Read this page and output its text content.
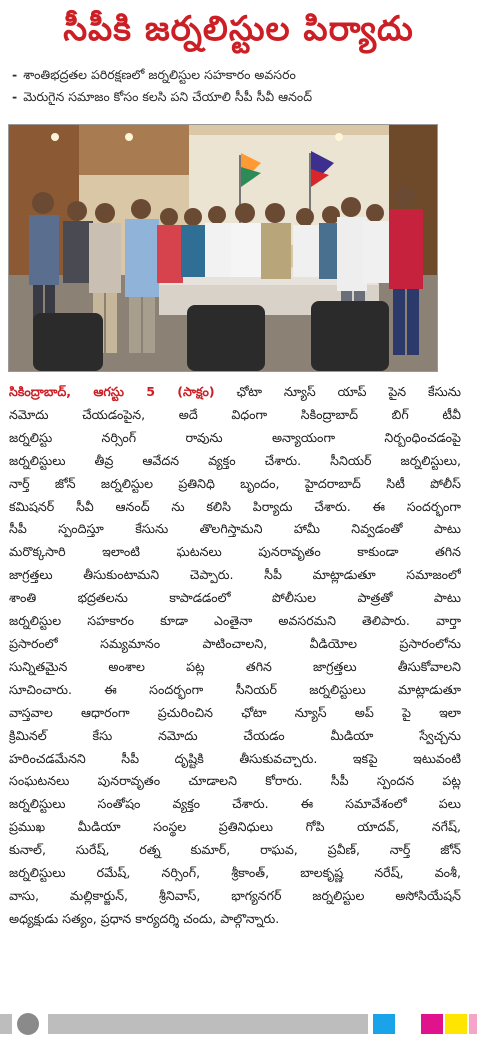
సీపీకి జర్నలిస్టుల పిర్యాదు
- శాంతిభద్రతల పరిరక్షణలో జర్నలిస్టుల సహకారం అవసరం
- మెరుగైన సమాజం కోసం కలసి పని చేయాలి సీపీ సీవీ ఆనంద్

సికింద్రాబాద్, ఆగస్టు 5 (సాక్షం) ఛోటా న్యూస్ యాప్ పైన కేసును

నమోదు చేయడంపైన, అదే విధంగా సికింద్రాబాద్ బిగ్ టీవీ

జర్నలిస్టు నర్సింగ్ రావును అన్యాయంగా నిర్బంధించడంపై

జర్నలిస్టులు తీవ్ర ఆవేదన వ్యక్తం చేశారు. సీనియర్ జర్నలిస్టులు,

నార్త్ జోన్ జర్నలిస్టుల ప్రతినిధి బృందం, హైదరాబాద్ సిటీ పోలీస్

కమిషనర్ సీవీ ఆనంద్ ను కలిసి పిర్యాదు చేశారు. ఈ సందర్భంగా

సీపీ స్పందిస్తూ కేసును తొలగిస్తామని హామీ నివ్వడంతో పాటు

మరొక్కసారి ఇలాంటి ఘటనలు పునరావృతం కాకుండా తగిన

జాగ్రత్తలు తీసుకుంటామని చెప్పారు. సీపీ మాట్లాడుతూ సమాజంలో

శాంతి భద్రతలను కాపాడడంలో పోలీసుల పాత్రతో పాటు

జర్నలిస్టుల సహకారం కూడా ఎంతైనా అవసరమని తెలిపారు. వార్తా

ప్రసారంలో సమ్యమానం పాటించాలని, వీడియోల ప్రసారంలోను

సున్నితమైన అంశాల పట్ల తగిన జాగ్రత్తలు తీసుకోవాలని

సూచించారు. ఈ సందర్భంగా సీనియర్ జర్నలిస్టులు మాట్లాడుతూ

వాస్తవాల ఆధారంగా ప్రచురించిన ఛోటా న్యూస్ అప్ పై ఇలా

క్రిమినల్ కేసు నమోదు చేయడం మీడియా స్వేచ్చను

హరించడమేనని సీపీ దృష్టికి తీసుకువచ్చారు. ఇకపై ఇటువంటి

సంఘటనలు పునరావృతం చూడాలని కోరారు. సీపీ స్పందన పట్ల

జర్నలిస్టులు సంతోషం వ్యక్తం చేశారు. ఈ సమావేశంలో పలు

ప్రముఖ మీడియా సంస్థల ప్రతినిధులు గోపి యాదవ్, నగేష్,

కునాల్, సురేష్, రత్న కుమార్, రాఘవ, ప్రవీణ్, నార్త్ జోన్

జర్నలిస్టులు రమేష్, నర్సింగ్, శ్రీకాంత్, బాలకృష్ణ నరేష్, వంశీ,

వాసు, మల్లికార్జున్, శ్రీనివాస్, భాగ్యనగర్ జర్నలిస్టుల అసోసియేషన్

అధ్యక్షుడు సత్యం, ప్రధాన కార్యదర్శి చందు, పాల్గొన్నారు.
